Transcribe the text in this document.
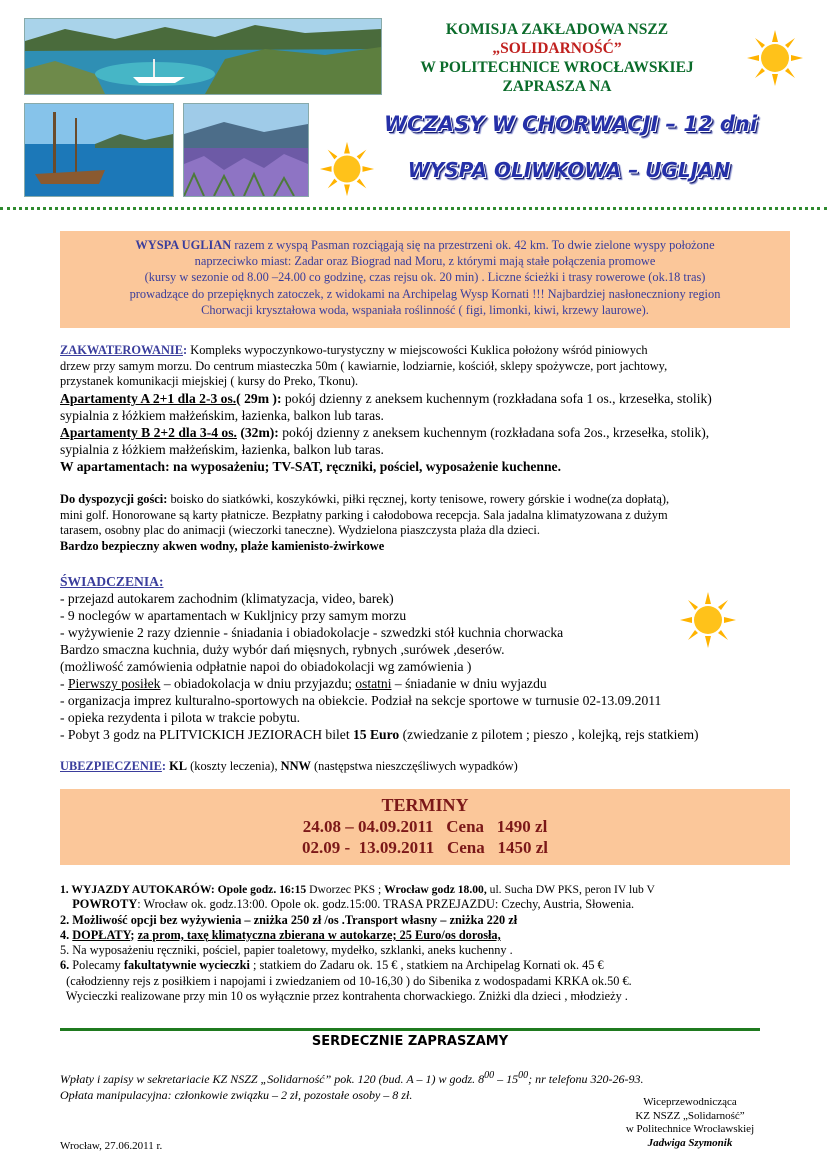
KOMISJA ZAKŁADOWA NSZZ
„SOLIDARNOŚĆ”
W POLITECHNICE WROCŁAWSKIEJ
ZAPRASZA NA
WCZASY W CHORWACJI – 12 dni
WYSPA OLIWKOWA – UGLJAN
WYSPA UGLIAN razem z wyspą Pasman rozciągają się na przestrzeni ok. 42 km. To dwie zielone wyspy położone
naprzeciwko miast: Zadar oraz Biograd nad Moru, z którymi mają stałe połączenia promowe
(kursy w sezonie od 8.00 –24.00 co godzinę, czas rejsu ok. 20 min) . Liczne ścieżki i trasy rowerowe (ok.18 tras)
prowadzące do przepięknych zatoczek, z widokami na Archipelag Wysp Kornati !!! Najbardziej nasłoneczniony region
Chorwacji kryształowa woda, wspaniała roślinność ( figi, limonki, kiwi, krzewy laurowe).
ZAKWATEROWANIE: Kompleks wypoczynkowo-turystyczny w miejscowości Kuklica położony wśród piniowych
drzew przy samym morzu. Do centrum miasteczka 50m ( kawiarnie, lodziarnie, kościół, sklepy spożywcze, port jachtowy,
przystanek komunikacji miejskiej ( kursy do Preko, Tkonu).
Apartamenty A 2+1 dla 2-3 os.( 29m ): pokój dzienny z aneksem kuchennym (rozkładana sofa 1 os., krzesełka, stolik)
sypialnia z łóżkiem małżeńskim, łazienka, balkon lub taras.
Apartamenty B 2+2 dla 3-4 os. (32m): pokój dzienny z aneksem kuchennym (rozkładana sofa 2os., krzesełka, stolik),
sypialnia z łóżkiem małżeńskim, łazienka, balkon lub taras.
W apartamentach: na wyposażeniu; TV-SAT, ręczniki, pościel, wyposażenie kuchenne.
Do dyspozycji gości: boisko do siatkówki, koszykówki, piłki ręcznej, korty tenisowe, rowery górskie i wodne(za dopłatą),
mini golf. Honorowane są karty płatnicze. Bezpłatny parking i całodobowa recepcja. Sala jadalna klimatyzowana z dużym
tarasem, osobny plac do animacji (wieczorki taneczne). Wydzielona piaszczysta plaża dla dzieci.
Bardzo bezpieczny akwen wodny, plaże kamienisto-żwirkowe
ŚWIADCZENIA:
- przejazd autokarem zachodnim (klimatyzacja, video, barek)
- 9 noclegów w apartamentach w Kukljnicy przy samym morzu
- wyżywienie 2 razy dziennie - śniadania i obiadokolacje - szwedzki stół kuchnia chorwacka
Bardzo smaczna kuchnia, duży wybór dań mięsnych, rybnych ,surówek ,deserów.
(możliwość zamówienia odpłatnie napoi do obiadokolacji wg zamówienia )
- Pierwszy posiłek – obiadokolacja w dniu przyjazdu; ostatni – śniadanie w dniu wyjazdu
- organizacja imprez kulturalno-sportowych na obiekcie. Podział na sekcje sportowe w turnusie 02-13.09.2011
- opieka rezydenta i pilota w trakcie pobytu.
- Pobyt 3 godz na PLITVICKICH JEZIORACH bilet 15 Euro (zwiedzanie z pilotem ; pieszo , kolejką, rejs statkiem)
UBEZPIECZENIE: KL (koszty leczenia), NNW (następstwa nieszczęśliwych wypadków)
TERMINY
24.08 – 04.09.2011   Cena   1490 zl
02.09 -  13.09.2011   Cena   1450 zl
1. WYJAZDY AUTOKARÓW: Opole godz. 16:15 Dworzec PKS ; Wrocław godz 18.00, ul. Sucha DW PKS, peron IV lub V
POWROTY: Wrocław ok. godz.13:00. Opole ok. godz.15:00. TRASA PRZEJAZDU: Czechy, Austria, Słowenia.
2. Możliwość opcji bez wyżywienia – zniżka 250 zł /os .Transport własny – zniżka 220 zł
4. DOPŁATY; za prom, taxę klimatyczna zbierana w autokarze; 25 Euro/os dorosła,
5. Na wyposażeniu ręczniki, pościel, papier toaletowy, mydełko, szklanki, aneks kuchenny .
6. Polecamy fakultatywnie wycieczki ; statkiem do Zadaru ok. 15 € , statkiem na Archipelag Kornati ok. 45 €
(całodzienny rejs z posiłkiem i napojami i zwiedzaniem od 10-16,30 ) do Sibenika z wodospadami KRKA ok.50 €.
Wycieczki realizowane przy min 10 os wyłącznie przez kontrahenta chorwackiego. Zniżki dla dzieci , młodzieży .
SERDECZNIE ZAPRASZAMY
Wpłaty i zapisy w sekretariacie KZ NSZZ „Solidarność” pok. 120 (bud. A – 1) w godz. $8^{00} - 15^{00}$; nr telefonu 320-26-93.
Opłata manipulacyjna: członkowie związku – 2 zł, pozostałe osoby – 8 zł.	Wiceprzewodnicząca
KZ NSZZ „Solidarność”
w Politechnice Wrocławskiej
Jadwiga Szymonik
Wrocław, 27.06.2011 r.
